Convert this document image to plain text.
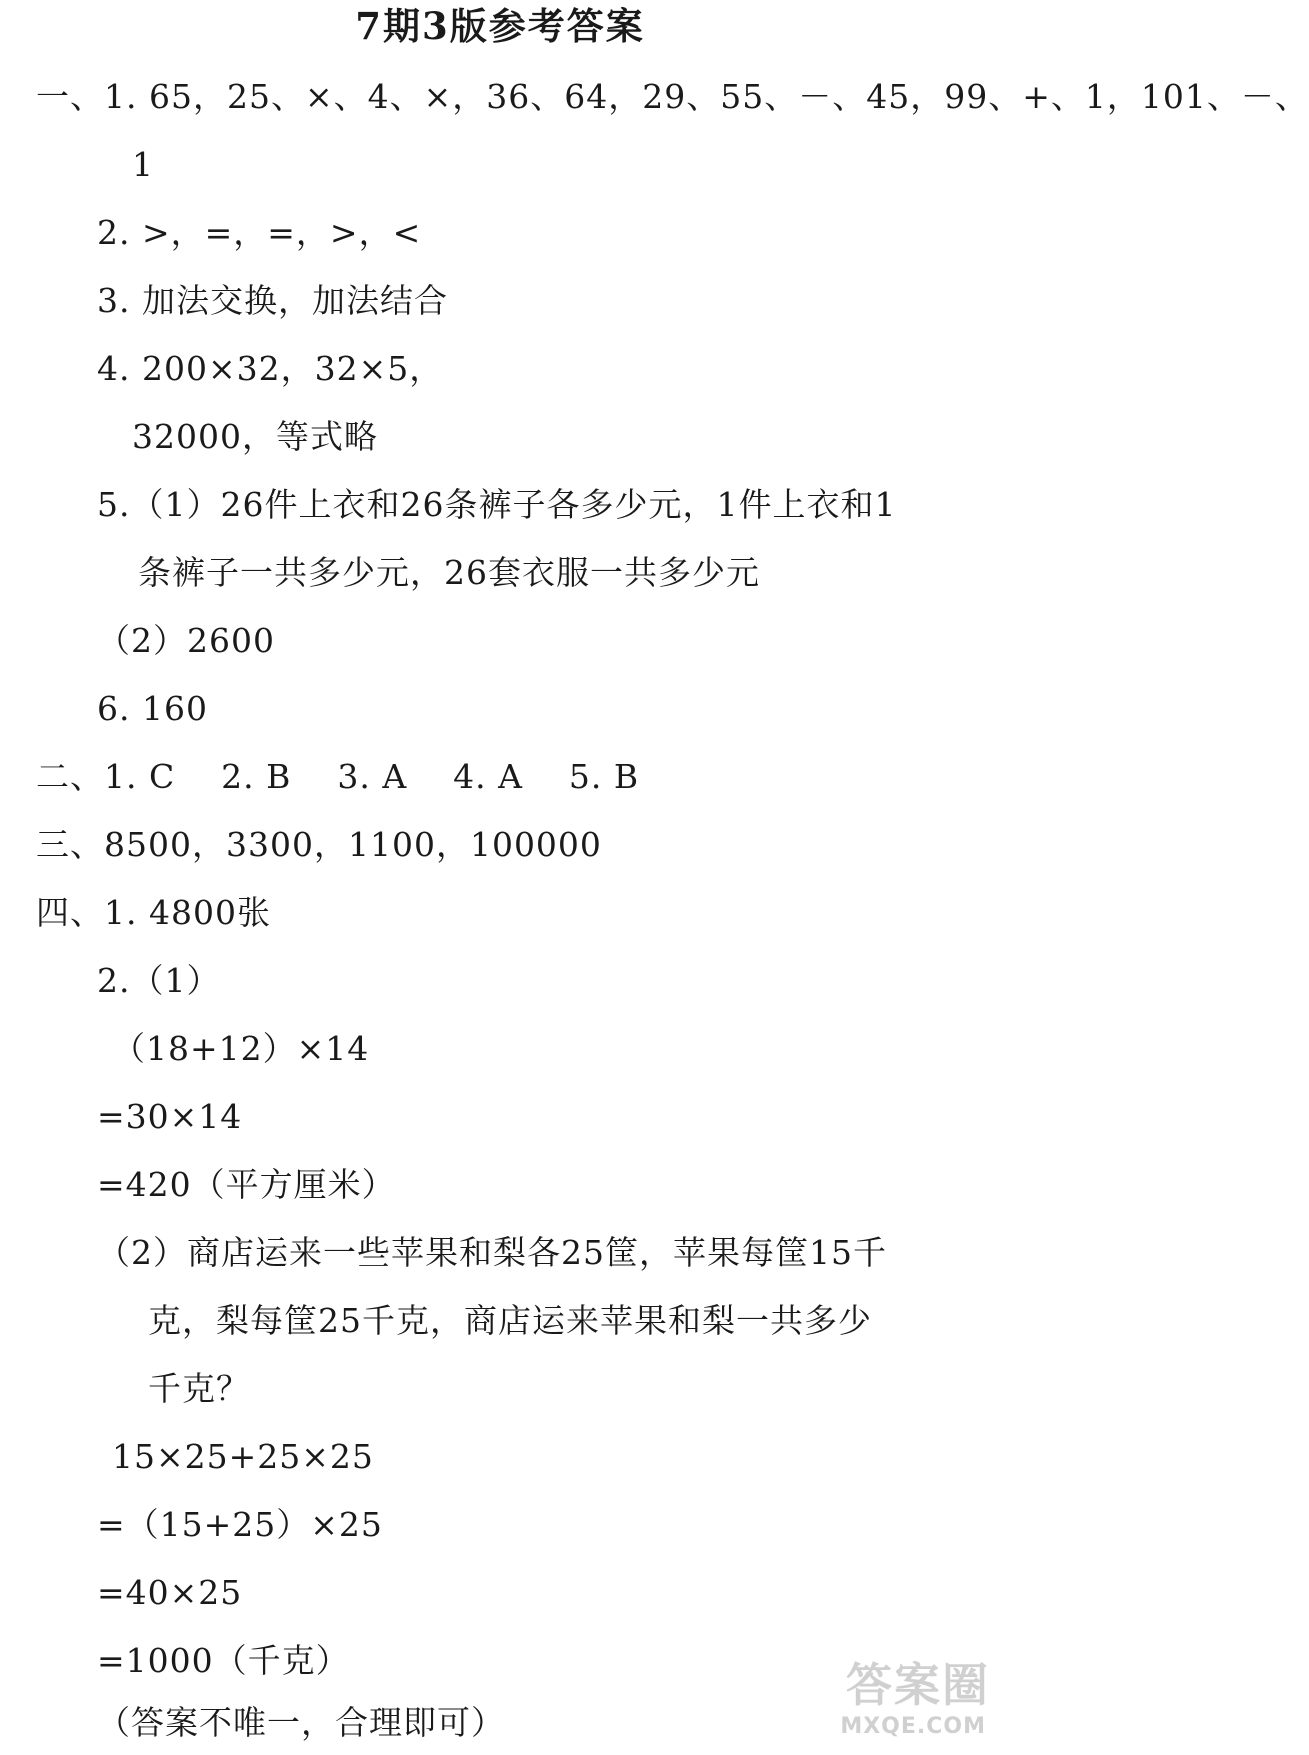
7期3版参考答案
一、1. 65，25、×、4、×，36、64，29、55、－、45，99、+、1，101、－、
1
2. >，=，=，>，<
3. 加法交换，加法结合
4. 200×32，32×5，
32000，等式略
5.（1）26件上衣和26条裤子各多少元，1件上衣和1
条裤子一共多少元，26套衣服一共多少元
（2）2600
6. 160
二、1. C    2. B    3. A    4. A    5. B
三、8500，3300，1100，100000
四、1. 4800张
2.（1）
（18+12）×14
=30×14
=420（平方厘米）
（2）商店运来一些苹果和梨各25筐，苹果每筐15千
克，梨每筐25千克，商店运来苹果和梨一共多少
千克？
15×25+25×25
=（15+25）×25
=40×25
=1000（千克）
（答案不唯一，合理即可）
答案圈
MXQE.COM
